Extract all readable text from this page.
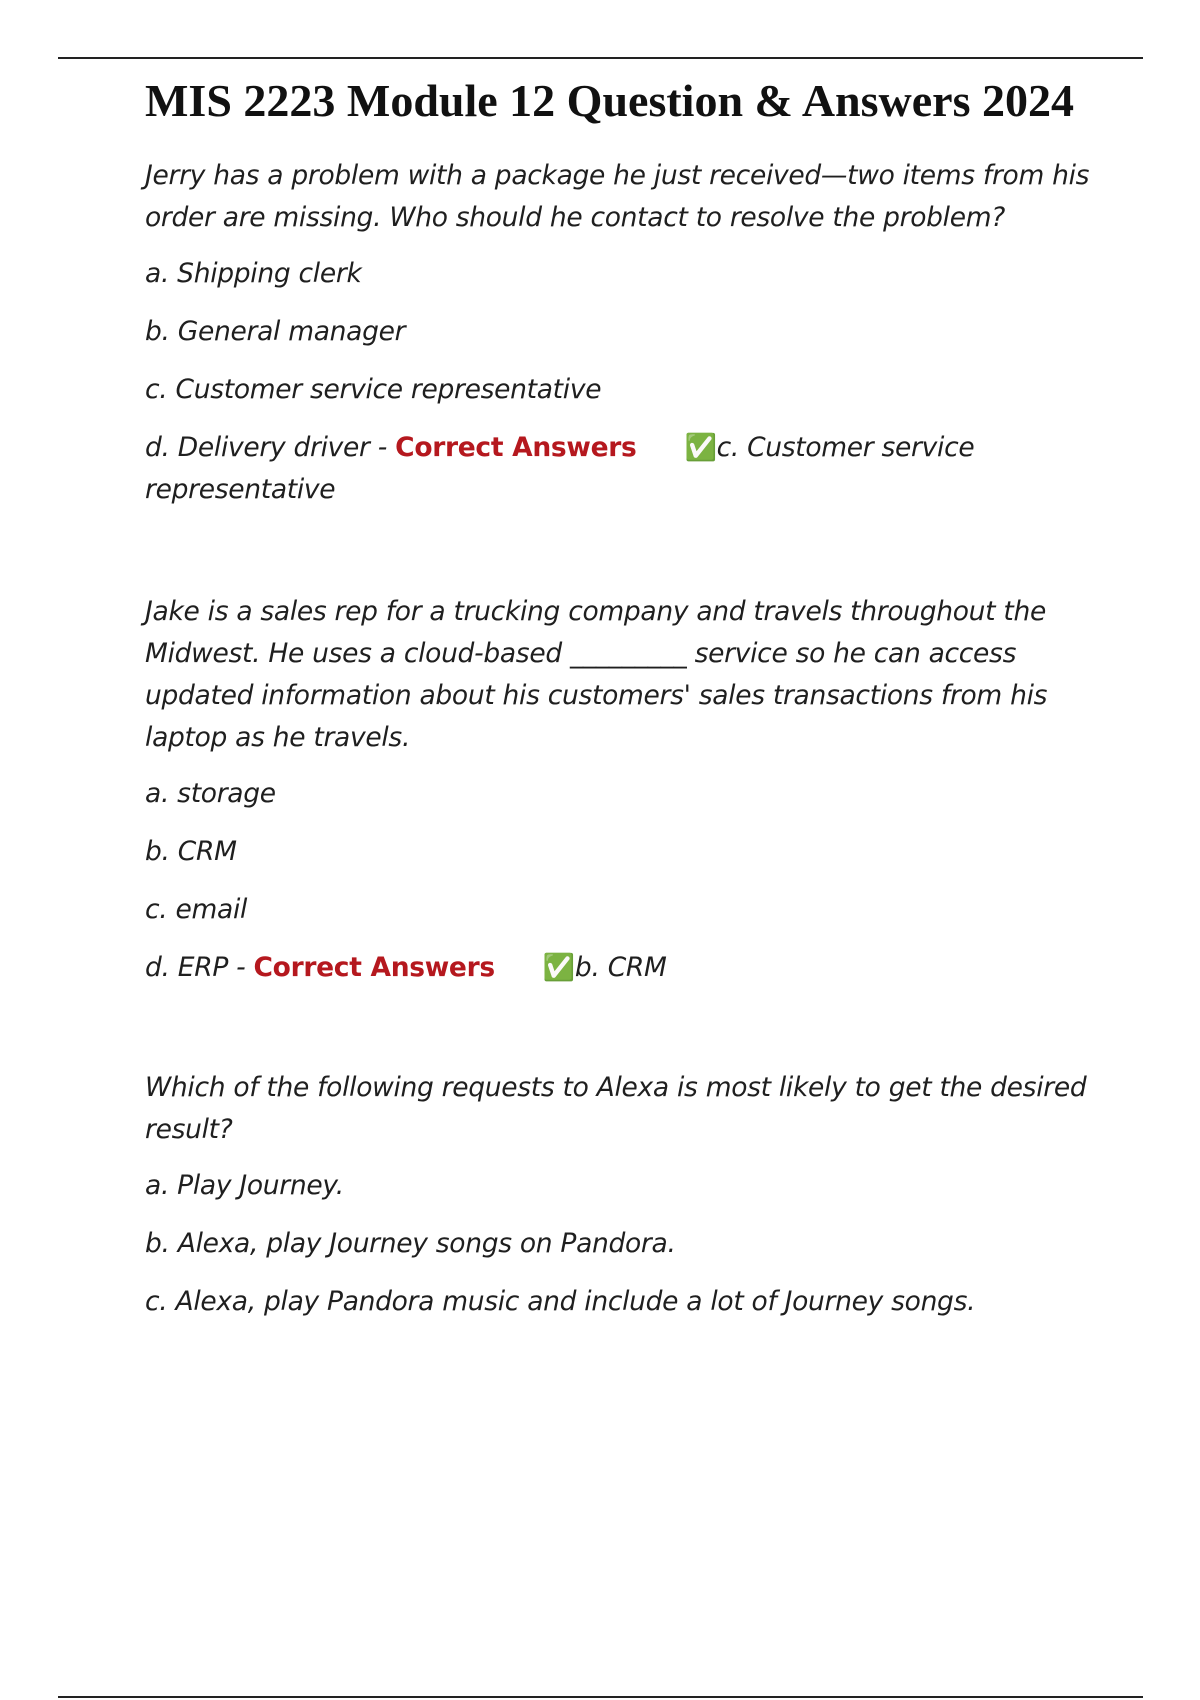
MIS 2223 Module 12 Question & Answers 2024

Jerry has a problem with a package he just received—two items from his order are missing. Who should he contact to resolve the problem?

a. Shipping clerk

b. General manager

c. Customer service representative

d. Delivery driver - Correct Answers ✅c. Customer service representative

Jake is a sales rep for a trucking company and travels throughout the Midwest. He uses a cloud-based _________ service so he can access updated information about his customers' sales transactions from his laptop as he travels.

a. storage

b. CRM

c. email

d. ERP - Correct Answers ✅b. CRM

Which of the following requests to Alexa is most likely to get the desired result?

a. Play Journey.

b. Alexa, play Journey songs on Pandora.

c. Alexa, play Pandora music and include a lot of Journey songs.
